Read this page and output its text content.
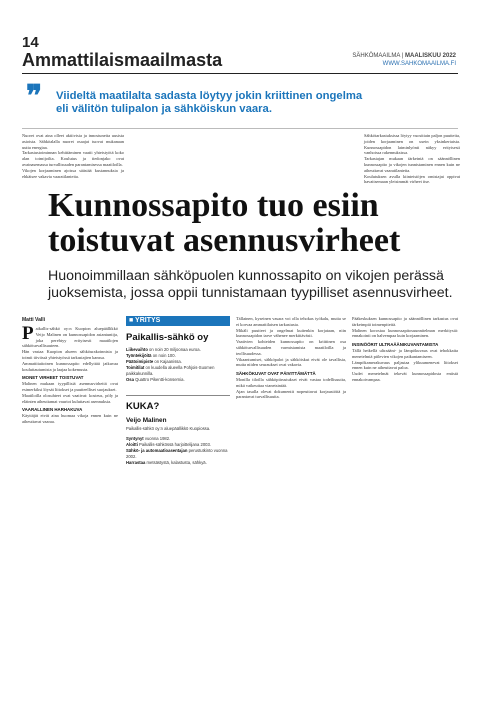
14
Ammattilaismaailmasta	SÄHKÖMAAILMA | MAALISKUU 2022
WWW.SAHKOMAAILMA.FI
❞ Viideltä maatilalta sadasta löytyy jokin kriittinen ongelma eli välitön tulipalon ja sähköiskun vaara.

Nuoret ovat aina olleet aktiivisia ja innostuneita uusista asioista. Sähköalalla nuoret osaajat tuovat mukanaan uutta energiaa.

Tarkastustoiminnan kehittäminen vaatii yhteistyötä koko alan toimijoilta. Koulutus ja tiedonjako ovat avainasemassa turvallisuuden parantamisessa maatiloilla.

Vikojen korjaaminen ajoissa säästää kustannuksia ja ehkäisee vakavia vaaratilanteita.

Sähkötarkastuksissa löytyy vuosittain paljon puutteita, joiden korjaaminen on usein yksinkertaista. Kunnossapidon laiminlyönti näkyy erityisesti vanhoissa rakennuksissa.

Tarkastajan mukaan tärkeintä on säännöllinen kunnossapito ja vikojen tunnistaminen ennen kuin ne aiheuttavat vaaratilanteita.

Koulutuksen avulla kiinteistöjen omistajat oppivat havaitsemaan yleisimmät virheet itse.

Kunnossapito tuo esiin toistuvat asennusvirheet
Huonoimmillaan sähköpuolen kunnossapito on vikojen perässä juoksemista, jossa oppii tunnistamaan tyypilliset asennusvirheet.
Matti Valli

Paikallis-sähkö oy:n Kuopion aluepäällikkö Veijo Malinen on kunnossapidon asiantuntija, joka perehtyy erityisesti maatilojen sähköturvallisuuteen.

Hän vastaa Kuopion alueen sähköurakoinnista ja toimii tiiviissä yhteistyössä tarkastajien kanssa.

Ammattitaitoinen kunnossapito edellyttää jatkuvaa kouluttautumista ja laajaa kokemusta.

MONET VIRHEET TOISTUVAT

Malinen mukaan tyypillisiä asennusvirheitä ovat esimerkiksi löysät liitokset ja puutteelliset suojaukset.

Maatiloilla olosuhteet ovat vaativat: kosteus, pöly ja eläinten aiheuttamat vauriot kuluttavat asennuksia.

VAARALLINEN HARHAKUVA

Käyttäjät eivät aina huomaa vikoja ennen kuin ne aiheuttavat vaaraa.

■ YRITYS
Paikallis-sähkö oy
Liikevaihto on noin 20 miljoonaa euroa.
Työntekijöitä on noin 100.
Päätoimipiste on Kajaanissa.
Toimitilat on kuudella alueella Pohjois-Suomen paikkakunnilla.
Osa Quattro Pikentti-konsernia.
KUKA?
Veijo Malinen
Paikallis-sähkö oy:n aluepäällikkö Kuopiossa.
Syntynyt vuonna 1982.
Aloitti Paikallis-sähkössä harjoittelijana 2003.
Sähkö- ja automaatioasentajan perustutkinto vuonna 2002.
Harrastaa metsästystä, kalastusta, sähkyä.

Tällainen, kyseinen vasara voi olla tehokas työkalu, mutta se ei korvaa ammattilaisen tarkastusta.

Mikäli puutteet ja ongelmat kuitenkin korjataan, niin kunnossapidon tarve vähenee merkittävästi.

Vaativien kohteiden kunnossapito on kriittinen osa sähköturvallisuuden varmistamista maatiloilla ja teollisuudessa.

Vikaantumiset, sähköpalot ja sähköiskut eivät ole tavallisia, mutta niiden seuraukset ovat vakavia.

SÄHKÖKUVAT OVAT PÄIVITTÄMÄTTÄ

Monilla tiloilla sähköpiirustukset eivät vastaa todellisuutta, mikä vaikeuttaa vianetsintää.

Ajan tasalla olevat dokumentit nopeuttavat korjaustöitä ja parantavat turvallisuutta.

Pääkeskuksen kunnossapito ja säännöllinen tarkastus ovat tärkeimpiä toimenpiteitä.

Malinen korostaa kunnossapitosuunnitelman merkitystä: ennakointi on halvempaa kuin korjaaminen.

INSINÖÖRIT ULTRAÄÄNIKUVANTAMISTA

Tällä hetkellä ultraääni- ja lämpökuvaus ovat tehokkaita menetelmiä piilevien vikojen paikantamiseen.

Lämpökamerakuvaus paljastaa ylikuumenevat liitokset ennen kuin ne aiheuttavat paloa.

Uudet menetelmät tekevät kunnossapidosta entistä ennakoivampaa.
